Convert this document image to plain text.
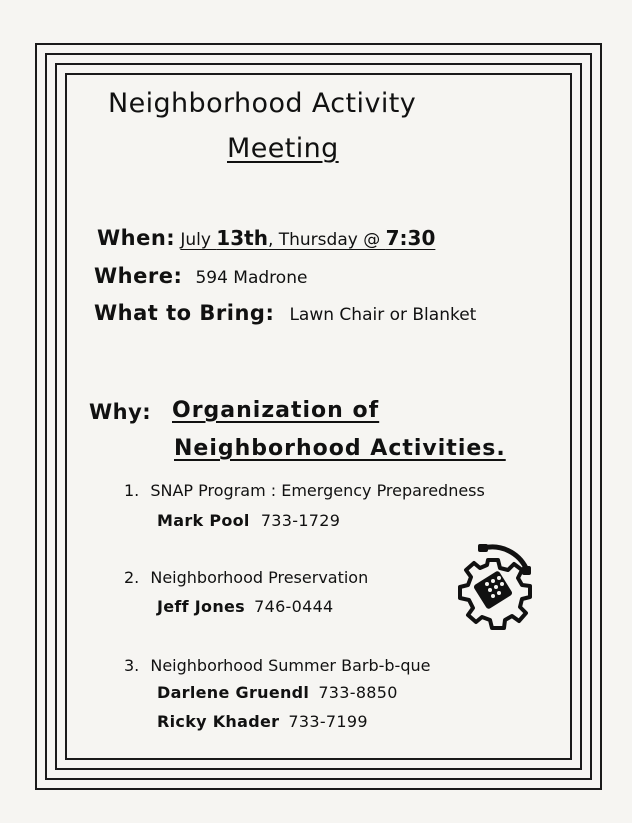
Neighborhood Activity
Meeting
When: July 13th, Thursday @ 7:30
Where: 594 Madrone
What to Bring: Lawn Chair or Blanket
Why: Organization of
Neighborhood Activities.
1. SNAP Program : Emergency Preparedness
Mark Pool 733-1729
2. Neighborhood Preservation
Jeff Jones 746-0444
3. Neighborhood Summer Barb-b-que
Darlene Gruendl 733-8850
Ricky Khader 733-7199
